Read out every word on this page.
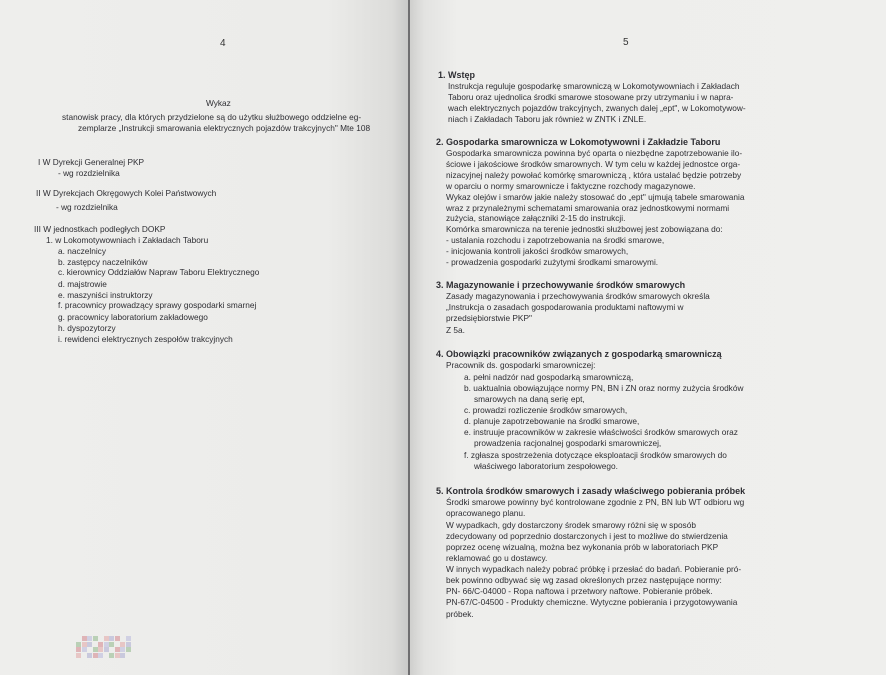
4
Wykaz
stanowisk pracy, dla których przydzielone są do użytku służbowego oddzielne eg-
zemplarze „Instrukcji smarowania elektrycznych pojazdów trakcyjnych" Mte 108
I W Dyrekcji Generalnej PKP
- wg rozdzielnika
II W Dyrekcjach Okręgowych Kolei Państwowych
- wg rozdzielnika
III W jednostkach podległych DOKP
1. w Lokomotywowniach i Zakładach Taboru
a. naczelnicy
b. zastępcy naczelników
c. kierownicy Oddziałów Napraw Taboru Elektrycznego
d. majstrowie
e. maszyniści instruktorzy
f. pracownicy prowadzący sprawy gospodarki smarnej
g. pracownicy laboratorium zakładowego
h. dyspozytorzy
i. rewidenci elektrycznych zespołów trakcyjnych
5
1. Wstęp
Instrukcja reguluje gospodarkę smarowniczą w Lokomotywowniach i Zakładach
Taboru oraz ujednolica środki smarowe stosowane przy utrzymaniu i w napra-
wach elektrycznych pojazdów trakcyjnych, zwanych dalej „ept", w Lokomotywow-
niach i Zakładach Taboru jak również w ZNTK i ZNLE.
2. Gospodarka smarownicza w Lokomotywowni i Zakładzie Taboru
Gospodarka smarownicza powinna być oparta o niezbędne zapotrzebowanie ilo-
ściowe i jakościowe środków smarownych. W tym celu w każdej jednostce orga-
nizacyjnej należy powołać komórkę smarowniczą , która ustalać będzie potrzeby
w oparciu o normy smarownicze i faktyczne rozchody magazynowe.
Wykaz olejów i smarów jakie należy stosować do „ept" ujmują tabele smarowania
wraz z przynależnymi schematami smarowania oraz jednostkowymi normami
zużycia, stanowiące załączniki 2-15 do instrukcji.
Komórka smarownicza na terenie jednostki służbowej jest zobowiązana do:
- ustalania rozchodu i zapotrzebowania na środki smarowe,
- inicjowania kontroli jakości środków smarowych,
- prowadzenia gospodarki zużytymi środkami smarowymi.
3. Magazynowanie i przechowywanie środków smarowych
Zasady magazynowania i przechowywania środków smarowych określa
„Instrukcja o zasadach gospodarowania produktami naftowymi w
przedsiębiorstwie PKP"
Z 5a.
4. Obowiązki pracowników związanych z gospodarką smarowniczą
Pracownik ds. gospodarki smarowniczej:
a. pełni nadzór nad gospodarką smarowniczą,
b. uaktualnia obowiązujące normy PN, BN i ZN oraz normy zużycia środków
smarowych na daną serię ept,
c. prowadzi rozliczenie środków smarowych,
d. planuje zapotrzebowanie na środki smarowe,
e. instruuje pracowników w zakresie właściwości środków smarowych oraz
prowadzenia racjonalnej gospodarki smarowniczej,
f. zgłasza spostrzeżenia dotyczące eksploatacji środków smarowych do
właściwego laboratorium zespołowego.
5. Kontrola środków smarowych i zasady właściwego pobierania próbek
Środki smarowe powinny być kontrolowane zgodnie z PN, BN lub WT odbioru wg
opracowanego planu.
W wypadkach, gdy dostarczony środek smarowy różni się w sposób
zdecydowany od poprzednio dostarczonych i jest to możliwe do stwierdzenia
poprzez ocenę wizualną, można bez wykonania prób w laboratoriach PKP
reklamować go u dostawcy.
W innych wypadkach należy pobrać próbkę i przesłać do badań. Pobieranie pró-
bek powinno odbywać się wg zasad określonych przez następujące normy:
PN- 66/C-04000 - Ropa naftowa i przetwory naftowe. Pobieranie próbek.
PN-67/C-04500 - Produkty chemiczne. Wytyczne pobierania i przygotowywania
próbek.
